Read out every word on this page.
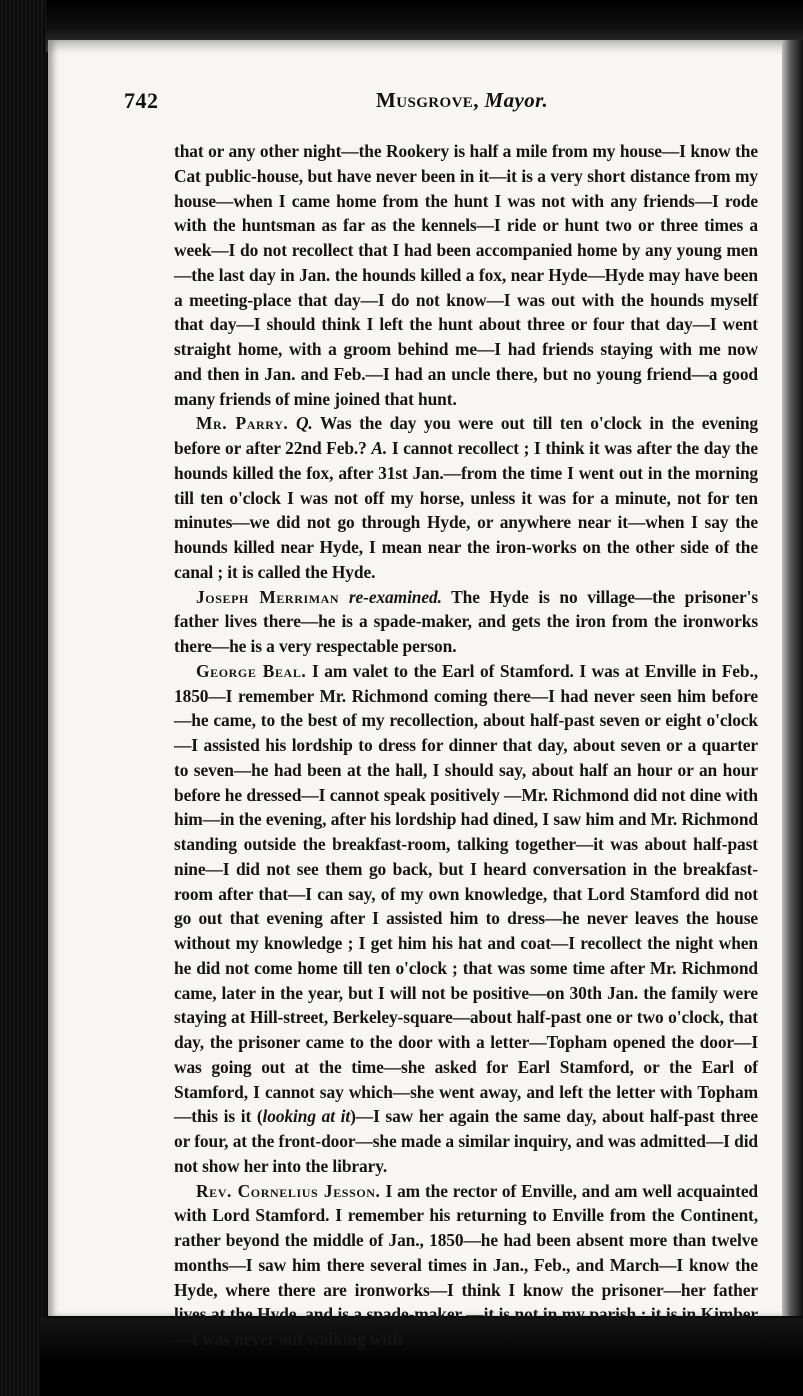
742	Musgrove, Mayor.

that or any other night—the Rookery is half a mile from my house—I know the Cat public-house, but have never been in it—it is a very short distance from my house—when I came home from the hunt I was not with any friends—I rode with the huntsman as far as the kennels—I ride or hunt two or three times a week—I do not recollect that I had been accompanied home by any young men—the last day in Jan. the hounds killed a fox, near Hyde—Hyde may have been a meeting-place that day—I do not know—I was out with the hounds myself that day—I should think I left the hunt about three or four that day—I went straight home, with a groom behind me—I had friends staying with me now and then in Jan. and Feb.—I had an uncle there, but no young friend—a good many friends of mine joined that hunt.

Mr. Parry. Q. Was the day you were out till ten o'clock in the evening before or after 22nd Feb.? A. I cannot recollect ; I think it was after the day the hounds killed the fox, after 31st Jan.—from the time I went out in the morning till ten o'clock I was not off my horse, unless it was for a minute, not for ten minutes—we did not go through Hyde, or anywhere near it—when I say the hounds killed near Hyde, I mean near the iron-works on the other side of the canal ; it is called the Hyde.

Joseph Merriman re-examined. The Hyde is no village—the prisoner's father lives there—he is a spade-maker, and gets the iron from the ironworks there—he is a very respectable person.

George Beal. I am valet to the Earl of Stamford. I was at Enville in Feb., 1850—I remember Mr. Richmond coming there—I had never seen him before—he came, to the best of my recollection, about half-past seven or eight o'clock—I assisted his lordship to dress for dinner that day, about seven or a quarter to seven—he had been at the hall, I should say, about half an hour or an hour before he dressed—I cannot speak positively —Mr. Richmond did not dine with him—in the evening, after his lordship had dined, I saw him and Mr. Richmond standing outside the breakfast-room, talking together—it was about half-past nine—I did not see them go back, but I heard conversation in the breakfast-room after that—I can say, of my own knowledge, that Lord Stamford did not go out that evening after I assisted him to dress—he never leaves the house without my knowledge ; I get him his hat and coat—I recollect the night when he did not come home till ten o'clock ; that was some time after Mr. Richmond came, later in the year, but I will not be positive—on 30th Jan. the family were staying at Hill-street, Berkeley-square—about half-past one or two o'clock, that day, the prisoner came to the door with a letter—Topham opened the door—I was going out at the time—she asked for Earl Stamford, or the Earl of Stamford, I cannot say which—she went away, and left the letter with Topham—this is it (looking at it)—I saw her again the same day, about half-past three or four, at the front-door—she made a similar inquiry, and was admitted—I did not show her into the library.

Rev. Cornelius Jesson. I am the rector of Enville, and am well acquainted with Lord Stamford. I remember his returning to Enville from the Continent, rather beyond the middle of Jan., 1850—he had been absent more than twelve months—I saw him there several times in Jan., Feb., and March—I know the Hyde, where there are ironworks—I think I know the prisoner—her father lives at the Hyde, and is a spade-maker —it is not in my parish ; it is in Kimber—I was never out walking with
